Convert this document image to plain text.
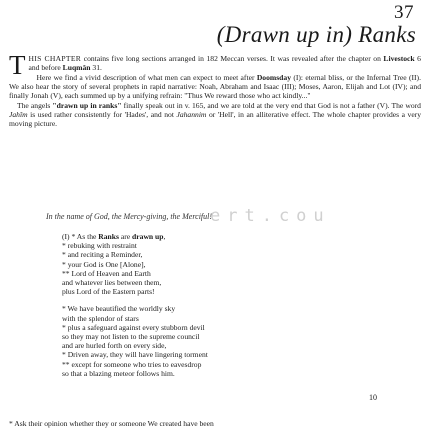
37
(Drawn up in) Ranks

THIS CHAPTER contains five long sections arranged in 182 Meccan verses. It was revealed after the chapter on Livestock 6 and before Luqmân 31.

Here we find a vivid description of what men can expect to meet after Doomsday (I): eternal bliss, or the Infernal Tree (II). We also hear the story of several prophets in rapid narrative: Noah, Abraham and Isaac (III); Moses, Aaron, Elijah and Lot (IV); and finally Jonah (V), each summed up by a unifying refrain: "Thus We reward those who act kindly..."

The angels "drawn up in ranks" finally speak out in v. 165, and we are told at the very end that God is not a father (V). The word Jahîm is used rather consistently for 'Hades', and not Jahannim or 'Hell', in an alliterative effect. The whole chapter provides a very moving picture.

In the name of God, the Mercy-giving, the Merciful!
ert.cou
(I) * As the Ranks are drawn up,
* rebuking with restraint
* and reciting a Reminder,
* your God is One [Alone],
** Lord of Heaven and Earth
and whatever lies between them,
plus Lord of the Eastern parts!
* We have beautified the worldly sky
with the splendor of stars
* plus a safeguard against every stubborn devil
so they may not listen to the supreme council
and are hurled forth on every side,
* Driven away, they will have lingering torment
** except for someone who tries to eavesdrop
so that a blazing meteor follows him.
10
* Ask their opinion whether they or someone We created have been
